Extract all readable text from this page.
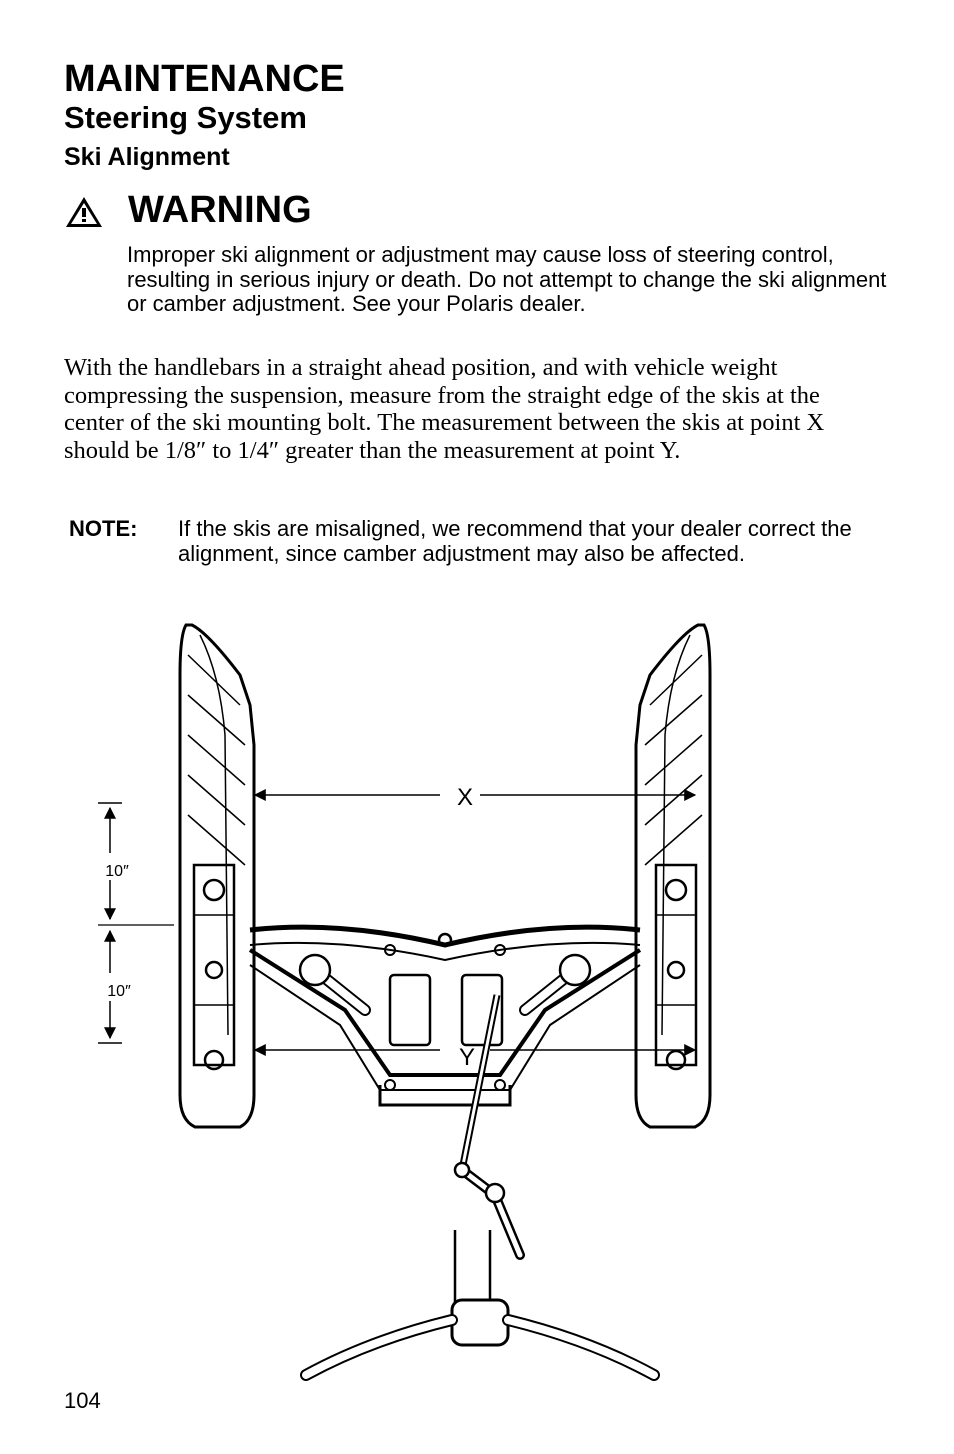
MAINTENANCE
Steering System
Ski Alignment
WARNING

Improper ski alignment or adjustment may cause loss of steering control, resulting in serious injury or death. Do not attempt to change the ski alignment or camber adjustment. See your Polaris dealer.

With the handlebars in a straight ahead position, and with vehicle weight compressing the suspension, measure from the straight edge of the skis at the center of the ski mounting bolt. The measurement between the skis at point X should be 1/8″ to 1/4″ greater than the measurement at point Y.

NOTE: If the skis are misaligned, we recommend that your dealer correct the alignment, since camber adjustment may also be affected.

X
Y
10″
10″
104
